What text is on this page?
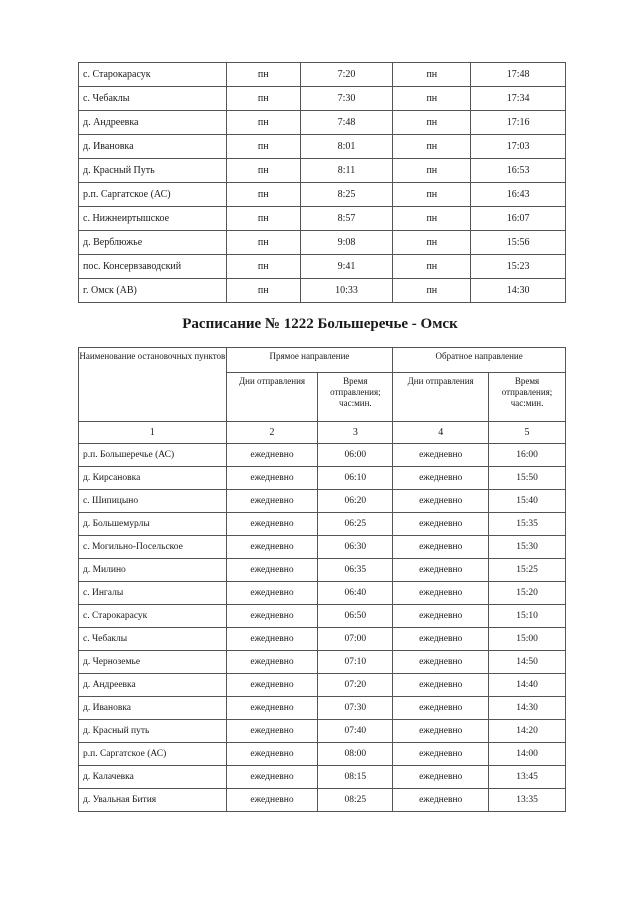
с. Старокарасук	пн	7:20	пн	17:48
с. Чебаклы	пн	7:30	пн	17:34
д. Андреевка	пн	7:48	пн	17:16
д. Ивановка	пн	8:01	пн	17:03
д. Красный Путь	пн	8:11	пн	16:53
р.п. Саргатское (АС)	пн	8:25	пн	16:43
с. Нижнеиртышское	пн	8:57	пн	16:07
д. Верблюжье	пн	9:08	пн	15:56
пос. Консервзаводский	пн	9:41	пн	15:23
г. Омск (АВ)	пн	10:33	пн	14:30
Расписание № 1222 Большеречье - Омск
Наименование остановочных пунктов	Прямое направление		Обратное направление	
	Дни отправления	Время отправления; час:мин.	Дни отправления	Время отправления; час:мин.
1	2	3	4	5
р.п. Большеречье (АС)	ежедневно	06:00	ежедневно	16:00
д. Кирсановка	ежедневно	06:10	ежедневно	15:50
с. Шипицыно	ежедневно	06:20	ежедневно	15:40
д. Большемурлы	ежедневно	06:25	ежедневно	15:35
с. Могильно-Посельское	ежедневно	06:30	ежедневно	15:30
д. Милино	ежедневно	06:35	ежедневно	15:25
с. Ингалы	ежедневно	06:40	ежедневно	15:20
с. Старокарасук	ежедневно	06:50	ежедневно	15:10
с. Чебаклы	ежедневно	07:00	ежедневно	15:00
д. Черноземье	ежедневно	07:10	ежедневно	14:50
д. Андреевка	ежедневно	07:20	ежедневно	14:40
д. Ивановка	ежедневно	07:30	ежедневно	14:30
д. Красный путь	ежедневно	07:40	ежедневно	14:20
р.п. Саргатское (АС)	ежедневно	08:00	ежедневно	14:00
д. Калачевка	ежедневно	08:15	ежедневно	13:45
д. Увальная Бития	ежедневно	08:25	ежедневно	13:35
